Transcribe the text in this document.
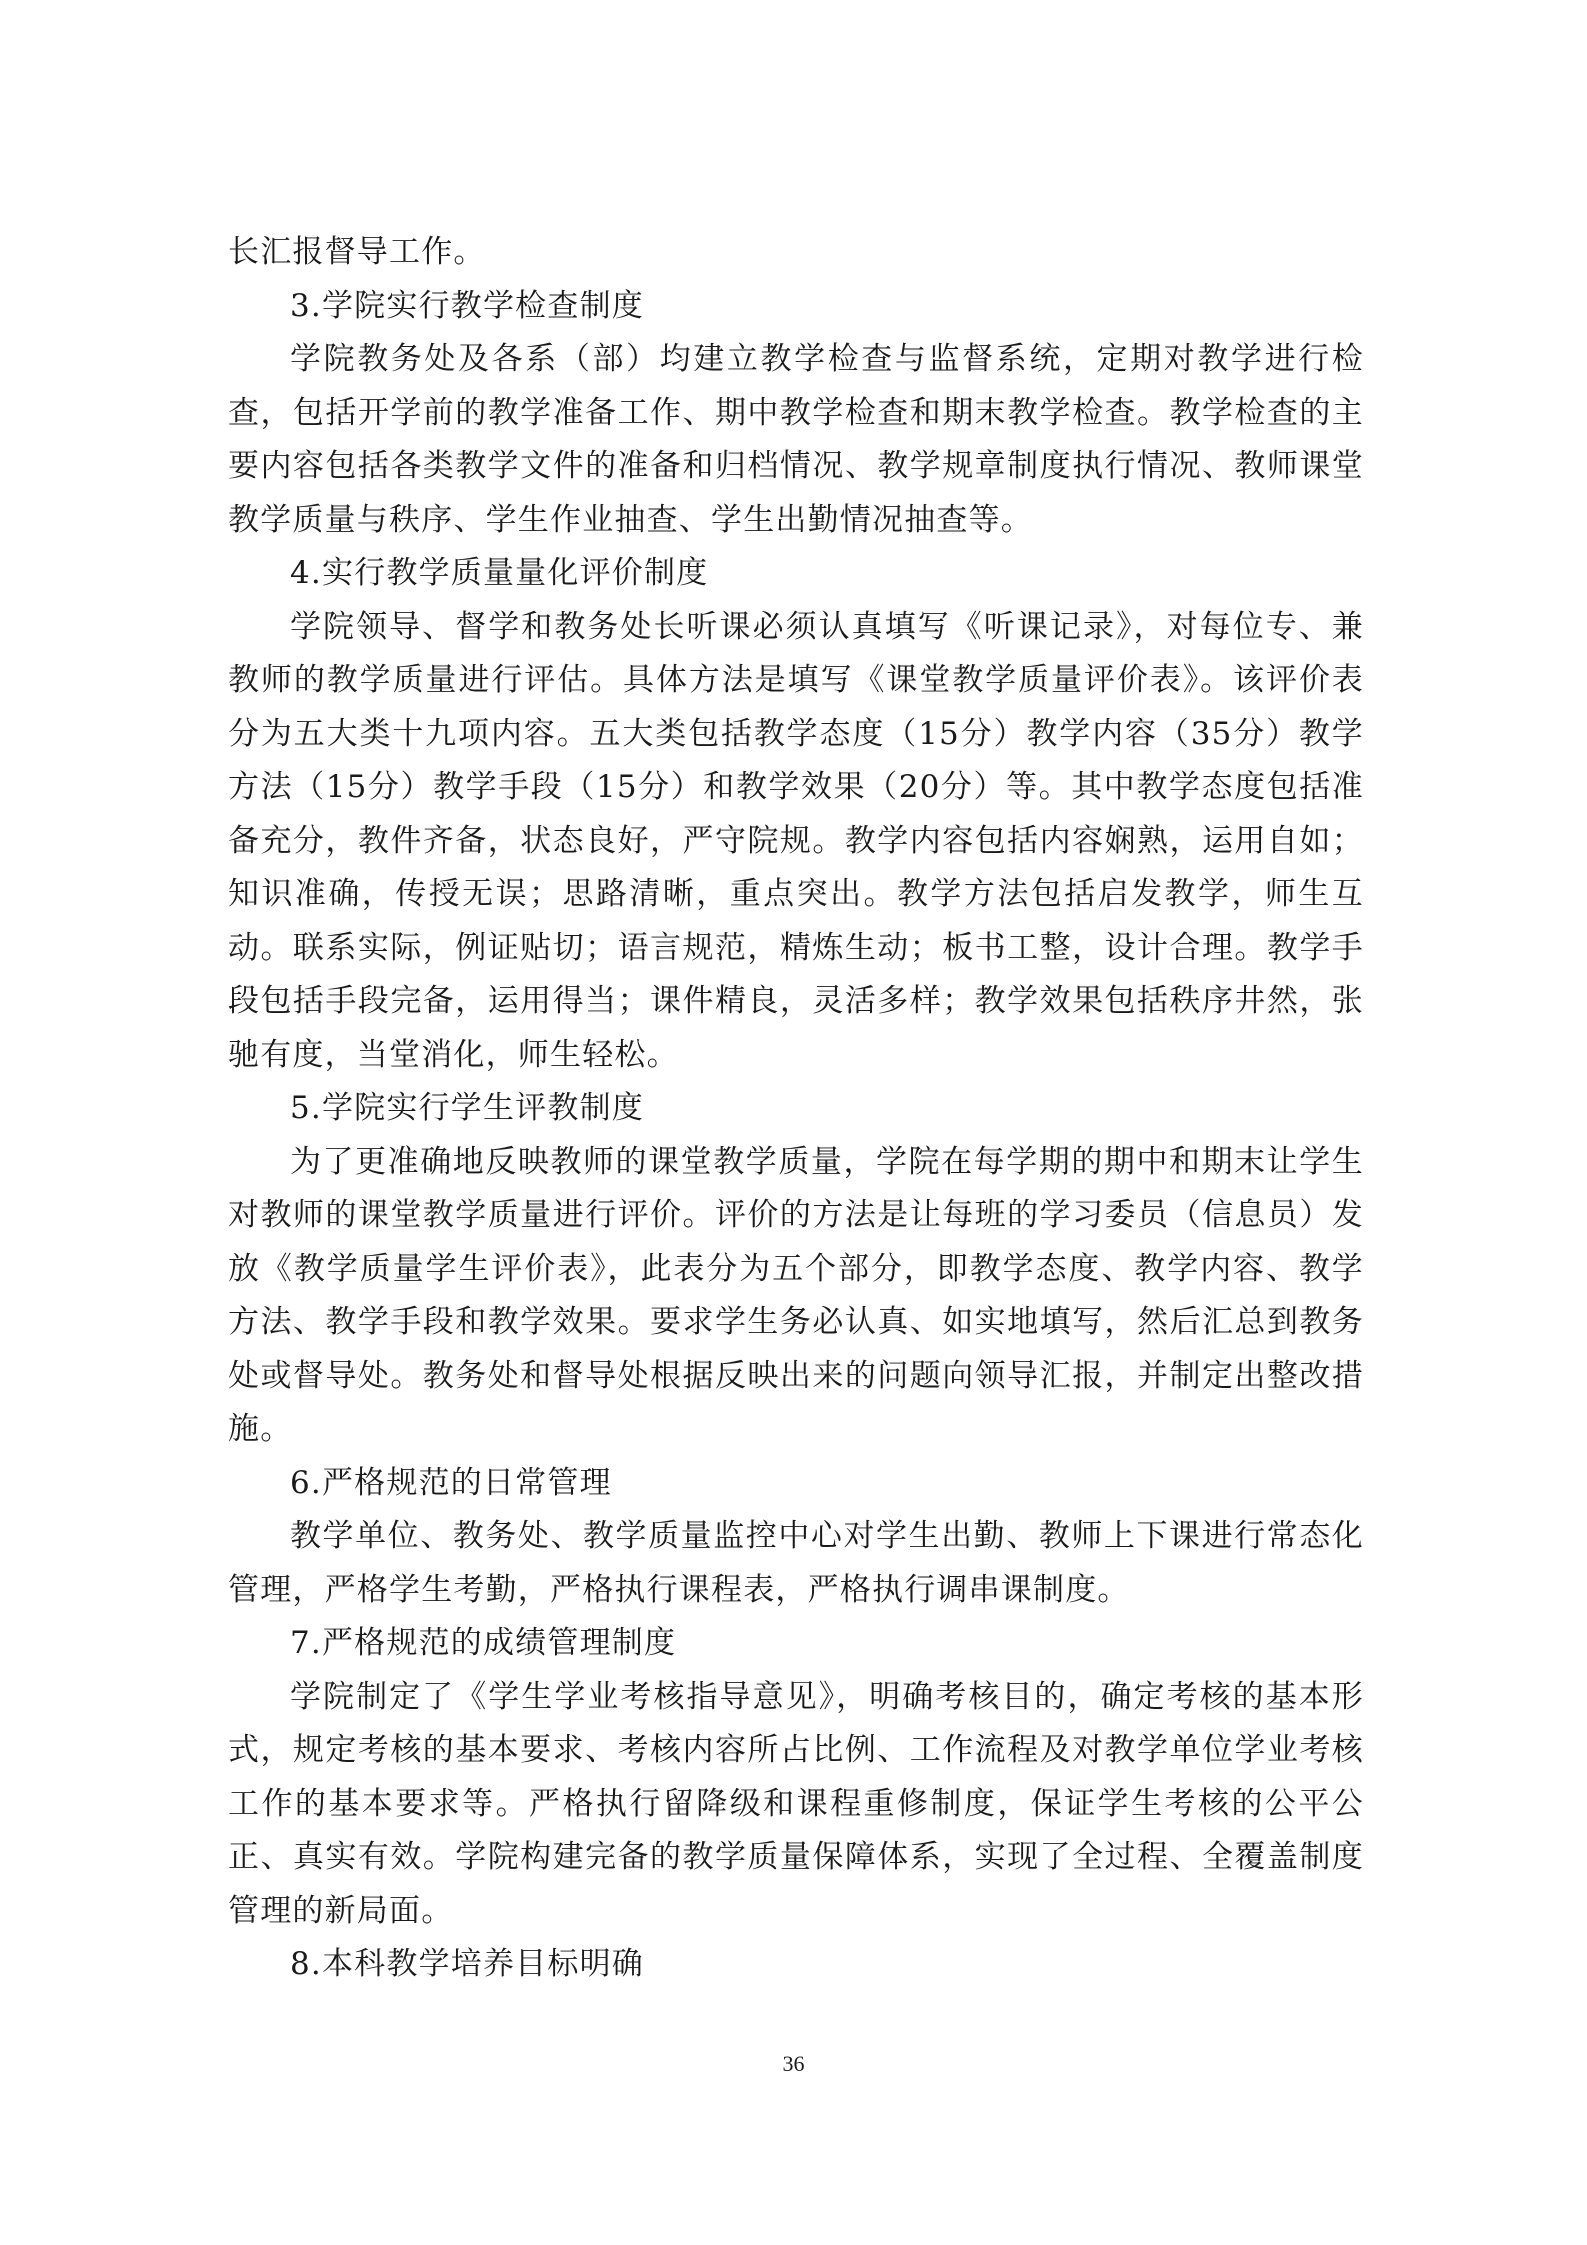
长汇报督导工作。

3.学院实行教学检查制度

学院教务处及各系（部）均建立教学检查与监督系统，定期对教学进行检查，包括开学前的教学准备工作、期中教学检查和期末教学检查。教学检查的主要内容包括各类教学文件的准备和归档情况、教学规章制度执行情况、教师课堂教学质量与秩序、学生作业抽查、学生出勤情况抽查等。

4.实行教学质量量化评价制度

学院领导、督学和教务处长听课必须认真填写《听课记录》，对每位专、兼教师的教学质量进行评估。具体方法是填写《课堂教学质量评价表》。该评价表分为五大类十九项内容。五大类包括教学态度（15分）教学内容（35分）教学方法（15分）教学手段（15分）和教学效果（20分）等。其中教学态度包括准备充分，教件齐备，状态良好，严守院规。教学内容包括内容娴熟，运用自如；知识准确，传授无误；思路清晰，重点突出。教学方法包括启发教学，师生互动。联系实际，例证贴切；语言规范，精炼生动；板书工整，设计合理。教学手段包括手段完备，运用得当；课件精良，灵活多样；教学效果包括秩序井然，张驰有度，当堂消化，师生轻松。

5.学院实行学生评教制度

为了更准确地反映教师的课堂教学质量，学院在每学期的期中和期末让学生对教师的课堂教学质量进行评价。评价的方法是让每班的学习委员（信息员）发放《教学质量学生评价表》，此表分为五个部分，即教学态度、教学内容、教学方法、教学手段和教学效果。要求学生务必认真、如实地填写，然后汇总到教务处或督导处。教务处和督导处根据反映出来的问题向领导汇报，并制定出整改措施。

6.严格规范的日常管理

教学单位、教务处、教学质量监控中心对学生出勤、教师上下课进行常态化管理，严格学生考勤，严格执行课程表，严格执行调串课制度。

7.严格规范的成绩管理制度

学院制定了《学生学业考核指导意见》，明确考核目的，确定考核的基本形式，规定考核的基本要求、考核内容所占比例、工作流程及对教学单位学业考核工作的基本要求等。严格执行留降级和课程重修制度，保证学生考核的公平公正、真实有效。学院构建完备的教学质量保障体系，实现了全过程、全覆盖制度管理的新局面。

8.本科教学培养目标明确

36
